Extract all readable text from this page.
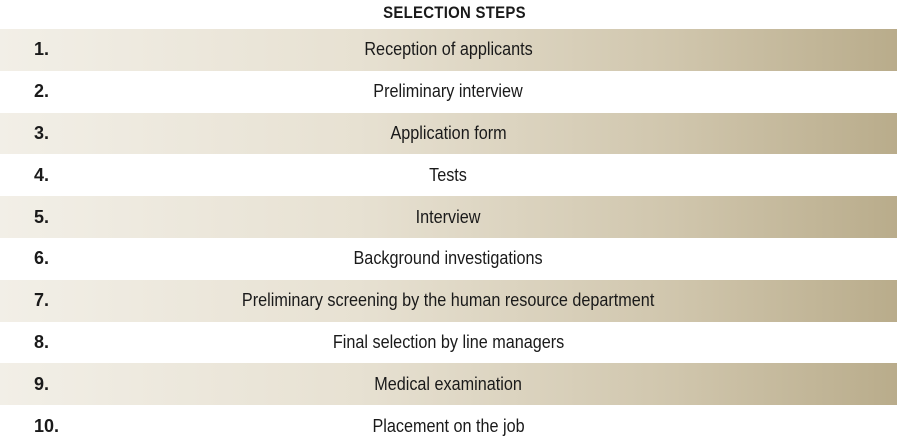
SELECTION STEPS
1.	Reception of applicants
2.	Preliminary interview
3.	Application form
4.	Tests
5.	Interview
6.	Background investigations
7.	Preliminary screening by the human resource department
8.	Final selection by line managers
9.	Medical examination
10.	Placement on the job
